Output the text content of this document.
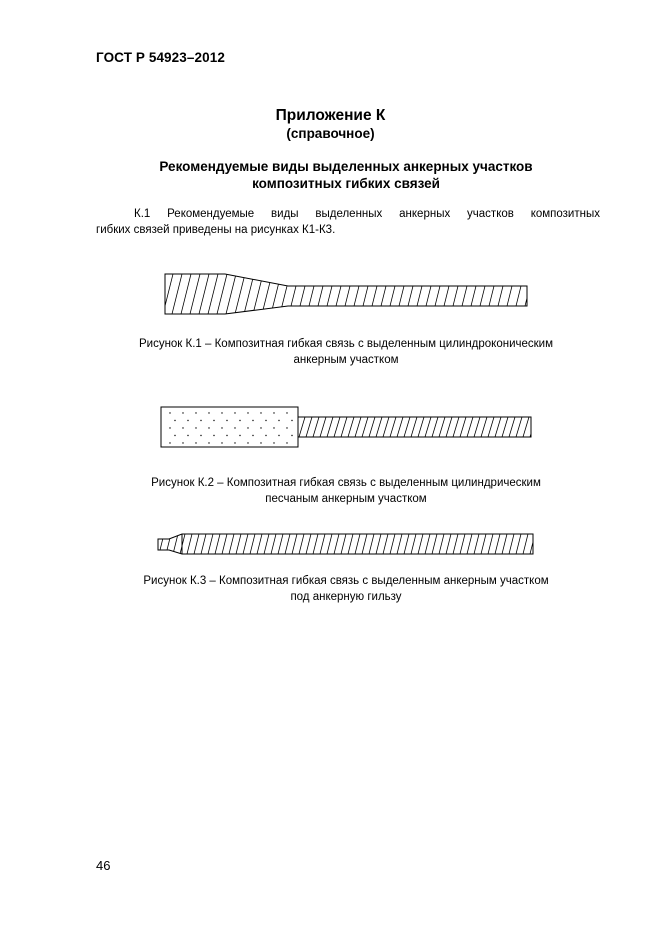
ГОСТ Р 54923–2012
Приложение К
(справочное)
Рекомендуемые виды выделенных анкерных участков
композитных гибких связей
К.1 Рекомендуемые виды выделенных анкерных участков композитных
гибких связей приведены на рисунках К1-К3.
Рисунок К.1 – Композитная гибкая связь с выделенным цилиндроконическим
анкерным участком
Рисунок К.2 – Композитная гибкая связь с выделенным цилиндрическим
песчаным анкерным участком
Рисунок К.3 – Композитная гибкая связь с выделенным анкерным участком
под анкерную гильзу
46
